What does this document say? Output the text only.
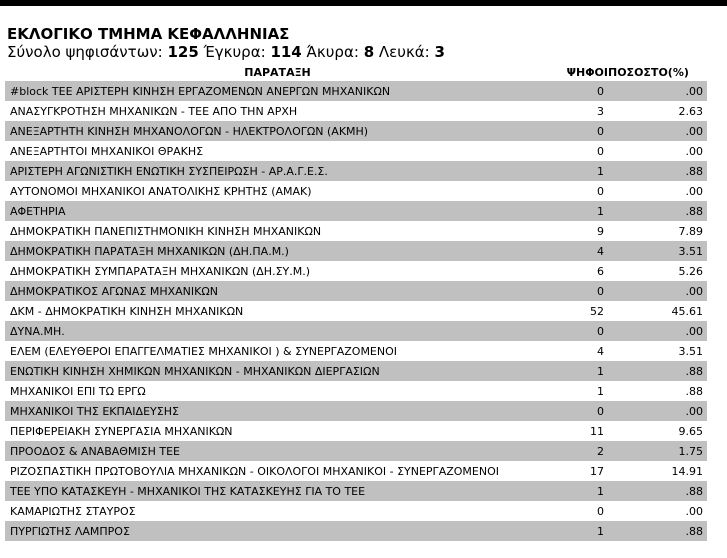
ΕΚΛΟΓΙΚΟ ΤΜΗΜΑ ΚΕΦΑΛΛΗΝΙΑΣ
Σύνολο ψηφισάντων: 125 Έγκυρα: 114 Άκυρα: 8 Λευκά: 3
ΠΑΡΑΤΑΞΗ	ΨΗΦΟΙ	ΠΟΣΟΣΤΟ(%)
#block ΤΕΕ ΑΡΙΣΤΕΡΗ ΚΙΝΗΣΗ ΕΡΓΑΖΟΜΕΝΩΝ ΑΝΕΡΓΩΝ ΜΗΧΑΝΙΚΩΝ	0	.00
ΑΝΑΣΥΓΚΡΟΤΗΣΗ ΜΗΧΑΝΙΚΩΝ - ΤΕΕ ΑΠΟ ΤΗΝ ΑΡΧΗ	3	2.63
ΑΝΕΞΑΡΤΗΤΗ ΚΙΝΗΣΗ ΜΗΧΑΝΟΛΟΓΩΝ - ΗΛΕΚΤΡΟΛΟΓΩΝ (ΑΚΜΗ)	0	.00
ΑΝΕΞΑΡΤΗΤΟΙ ΜΗΧΑΝΙΚΟΙ ΘΡΑΚΗΣ	0	.00
ΑΡΙΣΤΕΡΗ ΑΓΩΝΙΣΤΙΚΗ ΕΝΩΤΙΚΗ ΣΥΣΠΕΙΡΩΣΗ - ΑΡ.Α.Γ.Ε.Σ.	1	.88
ΑΥΤΟΝΟΜΟΙ ΜΗΧΑΝΙΚΟΙ ΑΝΑΤΟΛΙΚΗΣ ΚΡΗΤΗΣ (ΑΜΑΚ)	0	.00
ΑΦΕΤΗΡΙΑ	1	.88
ΔΗΜΟΚΡΑΤΙΚΗ ΠΑΝΕΠΙΣΤΗΜΟΝΙΚΗ ΚΙΝΗΣΗ ΜΗΧΑΝΙΚΩΝ	9	7.89
ΔΗΜΟΚΡΑΤΙΚΗ ΠΑΡΑΤΑΞΗ ΜΗΧΑΝΙΚΩΝ (ΔΗ.ΠΑ.Μ.)	4	3.51
ΔΗΜΟΚΡΑΤΙΚΗ ΣΥΜΠΑΡΑΤΑΞΗ ΜΗΧΑΝΙΚΩΝ (ΔΗ.ΣΥ.Μ.)	6	5.26
ΔΗΜΟΚΡΑΤΙΚΟΣ ΑΓΩΝΑΣ ΜΗΧΑΝΙΚΩΝ	0	.00
ΔΚΜ - ΔΗΜΟΚΡΑΤΙΚΗ ΚΙΝΗΣΗ ΜΗΧΑΝΙΚΩΝ	52	45.61
ΔΥΝΑ.ΜΗ.	0	.00
ΕΛΕΜ (ΕΛΕΥΘΕΡΟΙ ΕΠΑΓΓΕΛΜΑΤΙΕΣ ΜΗΧΑΝΙΚΟΙ ) & ΣΥΝΕΡΓΑΖΟΜΕΝΟΙ	4	3.51
ΕΝΩΤΙΚΗ ΚΙΝΗΣΗ ΧΗΜΙΚΩΝ ΜΗΧΑΝΙΚΩΝ - ΜΗΧΑΝΙΚΩΝ ΔΙΕΡΓΑΣΙΩΝ	1	.88
ΜΗΧΑΝΙΚΟΙ ΕΠΙ ΤΩ ΕΡΓΩ	1	.88
ΜΗΧΑΝΙΚΟΙ ΤΗΣ ΕΚΠΑΙΔΕΥΣΗΣ	0	.00
ΠΕΡΙΦΕΡΕΙΑΚΗ ΣΥΝΕΡΓΑΣΙΑ ΜΗΧΑΝΙΚΩΝ	11	9.65
ΠΡΟΟΔΟΣ & ΑΝΑΒΑΘΜΙΣΗ ΤΕΕ	2	1.75
ΡΙΖΟΣΠΑΣΤΙΚΗ ΠΡΩΤΟΒΟΥΛΙΑ ΜΗΧΑΝΙΚΩΝ - ΟΙΚΟΛΟΓΟΙ ΜΗΧΑΝΙΚΟΙ - ΣΥΝΕΡΓΑΖΟΜΕΝΟΙ	17	14.91
ΤΕΕ ΥΠΟ ΚΑΤΑΣΚΕΥΗ - ΜΗΧΑΝΙΚΟΙ ΤΗΣ ΚΑΤΑΣΚΕΥΗΣ ΓΙΑ ΤΟ ΤΕΕ	1	.88
ΚΑΜΑΡΙΩΤΗΣ ΣΤΑΥΡΟΣ	0	.00
ΠΥΡΓΙΩΤΗΣ ΛΑΜΠΡΟΣ	1	.88
